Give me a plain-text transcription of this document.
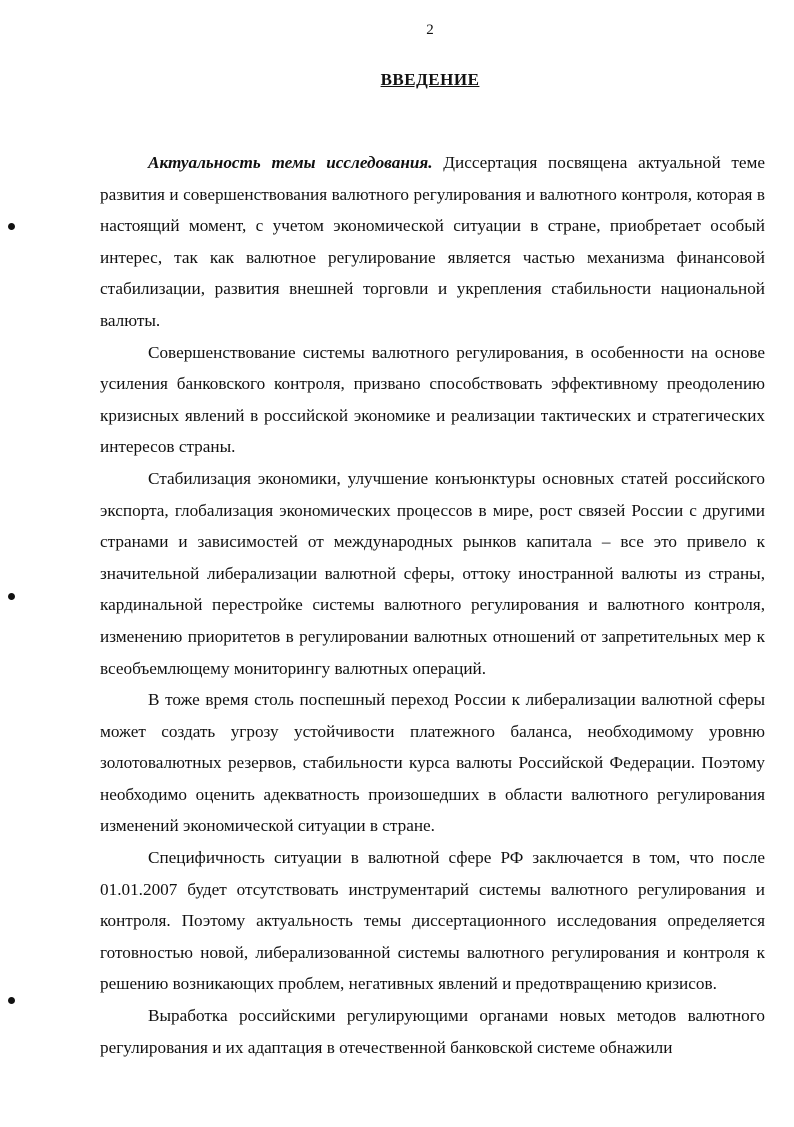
2
ВВЕДЕНИЕ

Актуальность темы исследования. Диссертация посвящена актуальной теме развития и совершенствования валютного регулирования и валютного контроля, которая в настоящий момент, с учетом экономической ситуации в стране, приобретает особый интерес, так как валютное регулирование является частью механизма финансовой стабилизации, развития внешней торговли и укрепления стабильности национальной валюты.

Совершенствование системы валютного регулирования, в особенности на основе усиления банковского контроля, призвано способствовать эффективному преодолению кризисных явлений в российской экономике и реализации тактических и стратегических интересов страны.

Стабилизация экономики, улучшение конъюнктуры основных статей российского экспорта, глобализация экономических процессов в мире, рост связей России с другими странами и зависимостей от международных рынков капитала – все это привело к значительной либерализации валютной сферы, оттоку иностранной валюты из страны, кардинальной перестройке системы валютного регулирования и валютного контроля, изменению приоритетов в регулировании валютных отношений от запретительных мер к всеобъемлющему мониторингу валютных операций.

В тоже время столь поспешный переход России к либерализации валютной сферы может создать угрозу устойчивости платежного баланса, необходимому уровню золотовалютных резервов, стабильности курса валюты Российской Федерации. Поэтому необходимо оценить адекватность произошедших в области валютного регулирования изменений экономической ситуации в стране.

Специфичность ситуации в валютной сфере РФ заключается в том, что после 01.01.2007 будет отсутствовать инструментарий системы валютного регулирования и контроля. Поэтому актуальность темы диссертационного исследования определяется готовностью новой, либерализованной системы валютного регулирования и контроля к решению возникающих проблем, негативных явлений и предотвращению кризисов.

Выработка российскими регулирующими органами новых методов валютного регулирования и их адаптация в отечественной банковской системе обнажили
